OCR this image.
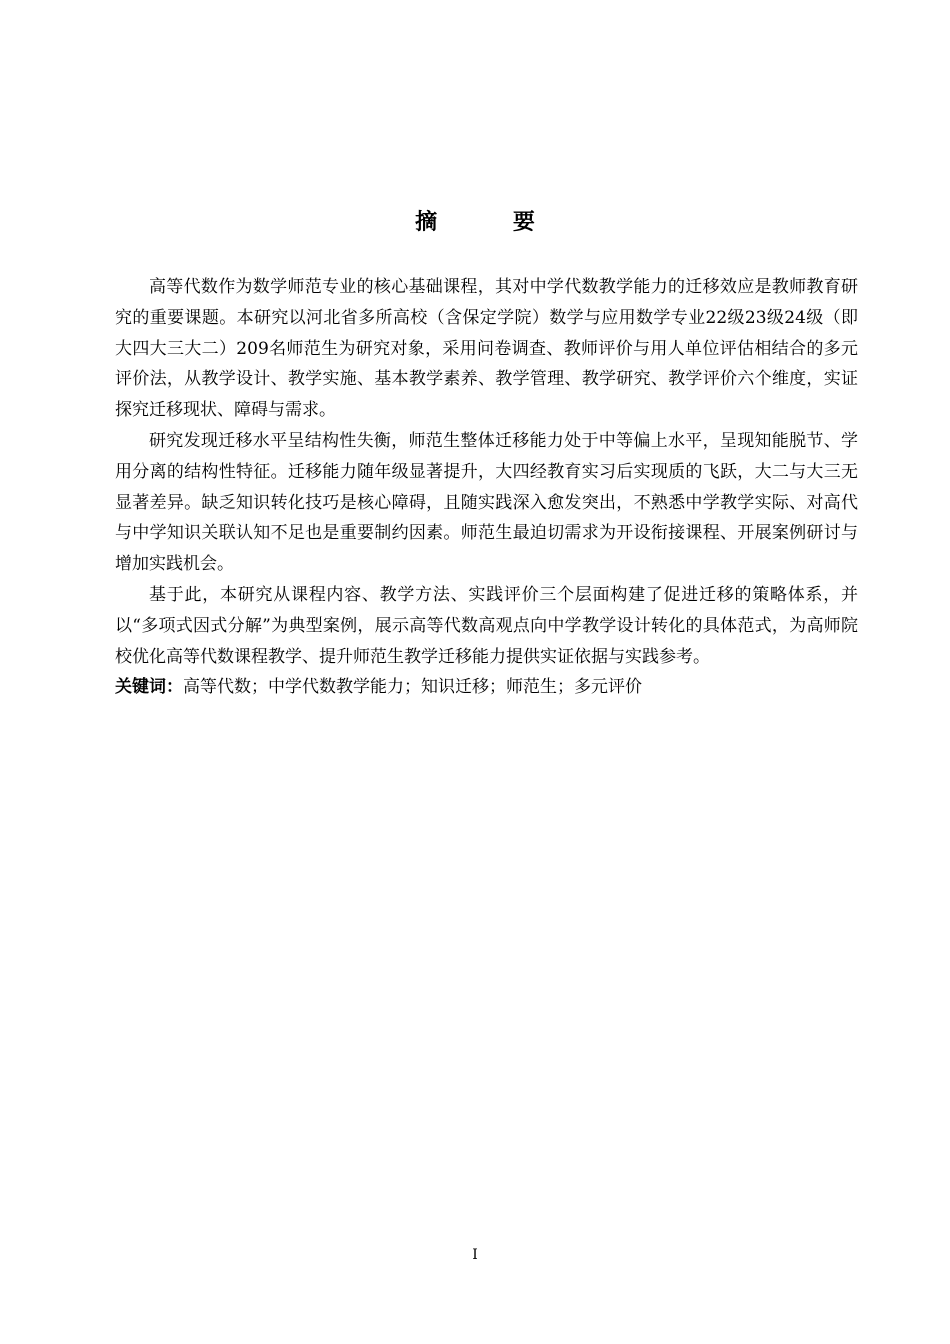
摘 要

高等代数作为数学师范专业的核心基础课程，其对中学代数教学能力的迁移效应是教师教育研究的重要课题。本研究以河北省多所高校（含保定学院）数学与应用数学专业22级23级24级（即大四大三大二）209名师范生为研究对象，采用问卷调查、教师评价与用人单位评估相结合的多元评价法，从教学设计、教学实施、基本教学素养、教学管理、教学研究、教学评价六个维度，实证探究迁移现状、障碍与需求。

研究发现迁移水平呈结构性失衡，师范生整体迁移能力处于中等偏上水平，呈现知能脱节、学用分离的结构性特征。迁移能力随年级显著提升，大四经教育实习后实现质的飞跃，大二与大三无显著差异。缺乏知识转化技巧是核心障碍，且随实践深入愈发突出，不熟悉中学教学实际、对高代与中学知识关联认知不足也是重要制约因素。师范生最迫切需求为开设衔接课程、开展案例研讨与增加实践机会。

基于此，本研究从课程内容、教学方法、实践评价三个层面构建了促进迁移的策略体系，并以“多项式因式分解”为典型案例，展示高等代数高观点向中学教学设计转化的具体范式，为高师院校优化高等代数课程教学、提升师范生教学迁移能力提供实证依据与实践参考。

关键词：高等代数；中学代数教学能力；知识迁移；师范生；多元评价

I
